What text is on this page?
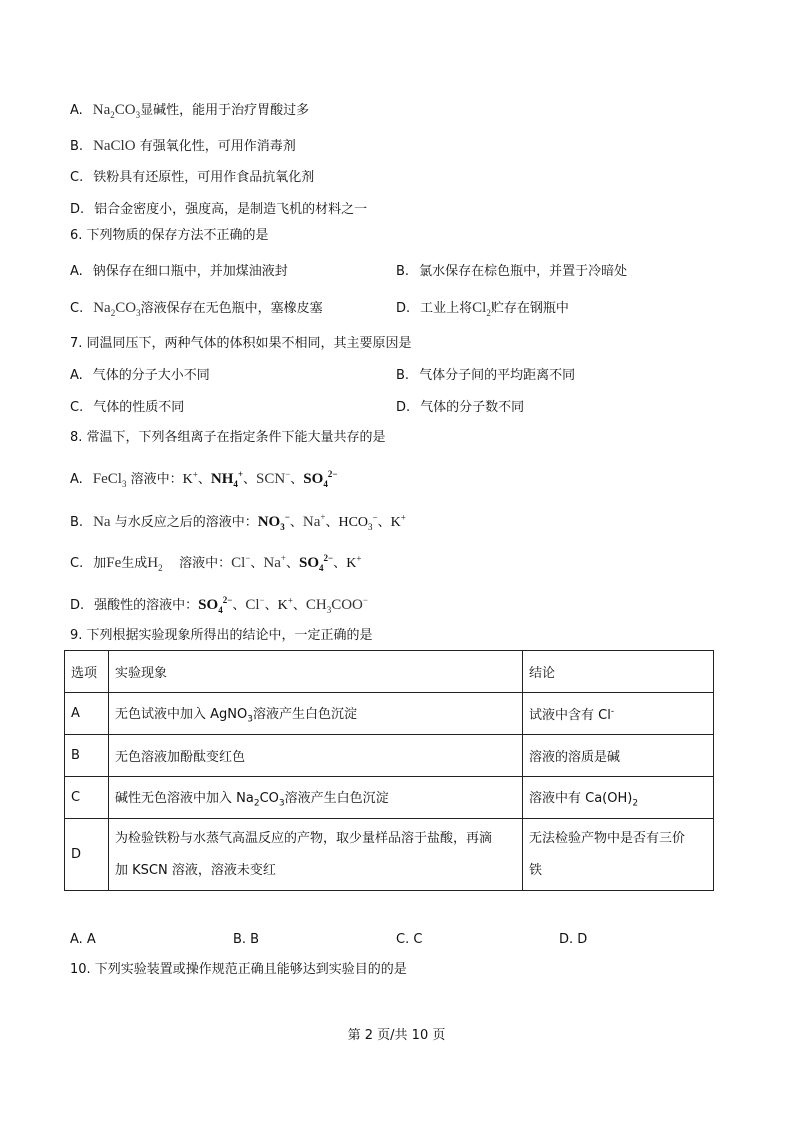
A. $Na_2CO_3$显碱性，能用于治疗胃酸过多
B. NaClO 有强氧化性，可用作消毒剂
C. 铁粉具有还原性，可用作食品抗氧化剂
D. 铝合金密度小，强度高，是制造飞机的材料之一
6. 下列物质的保存方法不正确的是
A. 钠保存在细口瓶中，并加煤油液封	B. 氯水保存在棕色瓶中，并置于冷暗处
C. $Na_2CO_3$溶液保存在无色瓶中，塞橡皮塞	D. 工业上将$Cl_2$贮存在钢瓶中
7. 同温同压下，两种气体的体积如果不相同，其主要原因是
A. 气体的分子大小不同	B. 气体分子间的平均距离不同
C. 气体的性质不同	D. 气体的分子数不同
8. 常温下，下列各组离子在指定条件下能大量共存的是
A. FeCl$_3$ 溶液中：K+、$NH_4^+$、SCN−、$SO_4^{2-}$
B. Na 与水反应之后的溶液中：$NO_3^-$、Na+、$HCO_3^-$、K+
C. 加Fe生成$H_2$ 溶液中：Cl−、Na+、$SO_4^{2-}$、K+
D. 强酸性的溶液中：$SO_4^{2-}$、Cl−、K+、$CH_3COO^-$
9. 下列根据实验现象所得出的结论中，一定正确的是
选项	实验现象	结论
A	无色试液中加入 AgNO$_3$溶液产生白色沉淀	试液中含有 Cl-
B	无色溶液加酚酞变红色	溶液的溶质是碱
C	碱性无色溶液中加入 $Na_2CO_3$溶液产生白色沉淀	溶液中有 $Ca(OH)_2$
D	为检验铁粉与水蒸气高温反应的产物，取少量样品溶于盐酸，再滴
加 KSCN 溶液，溶液未变红	无法检验产物中是否有三价
铁
A. A	B. B	C. C	D. D
10. 下列实验装置或操作规范正确且能够达到实验目的的是
第 2 页/共 10 页
